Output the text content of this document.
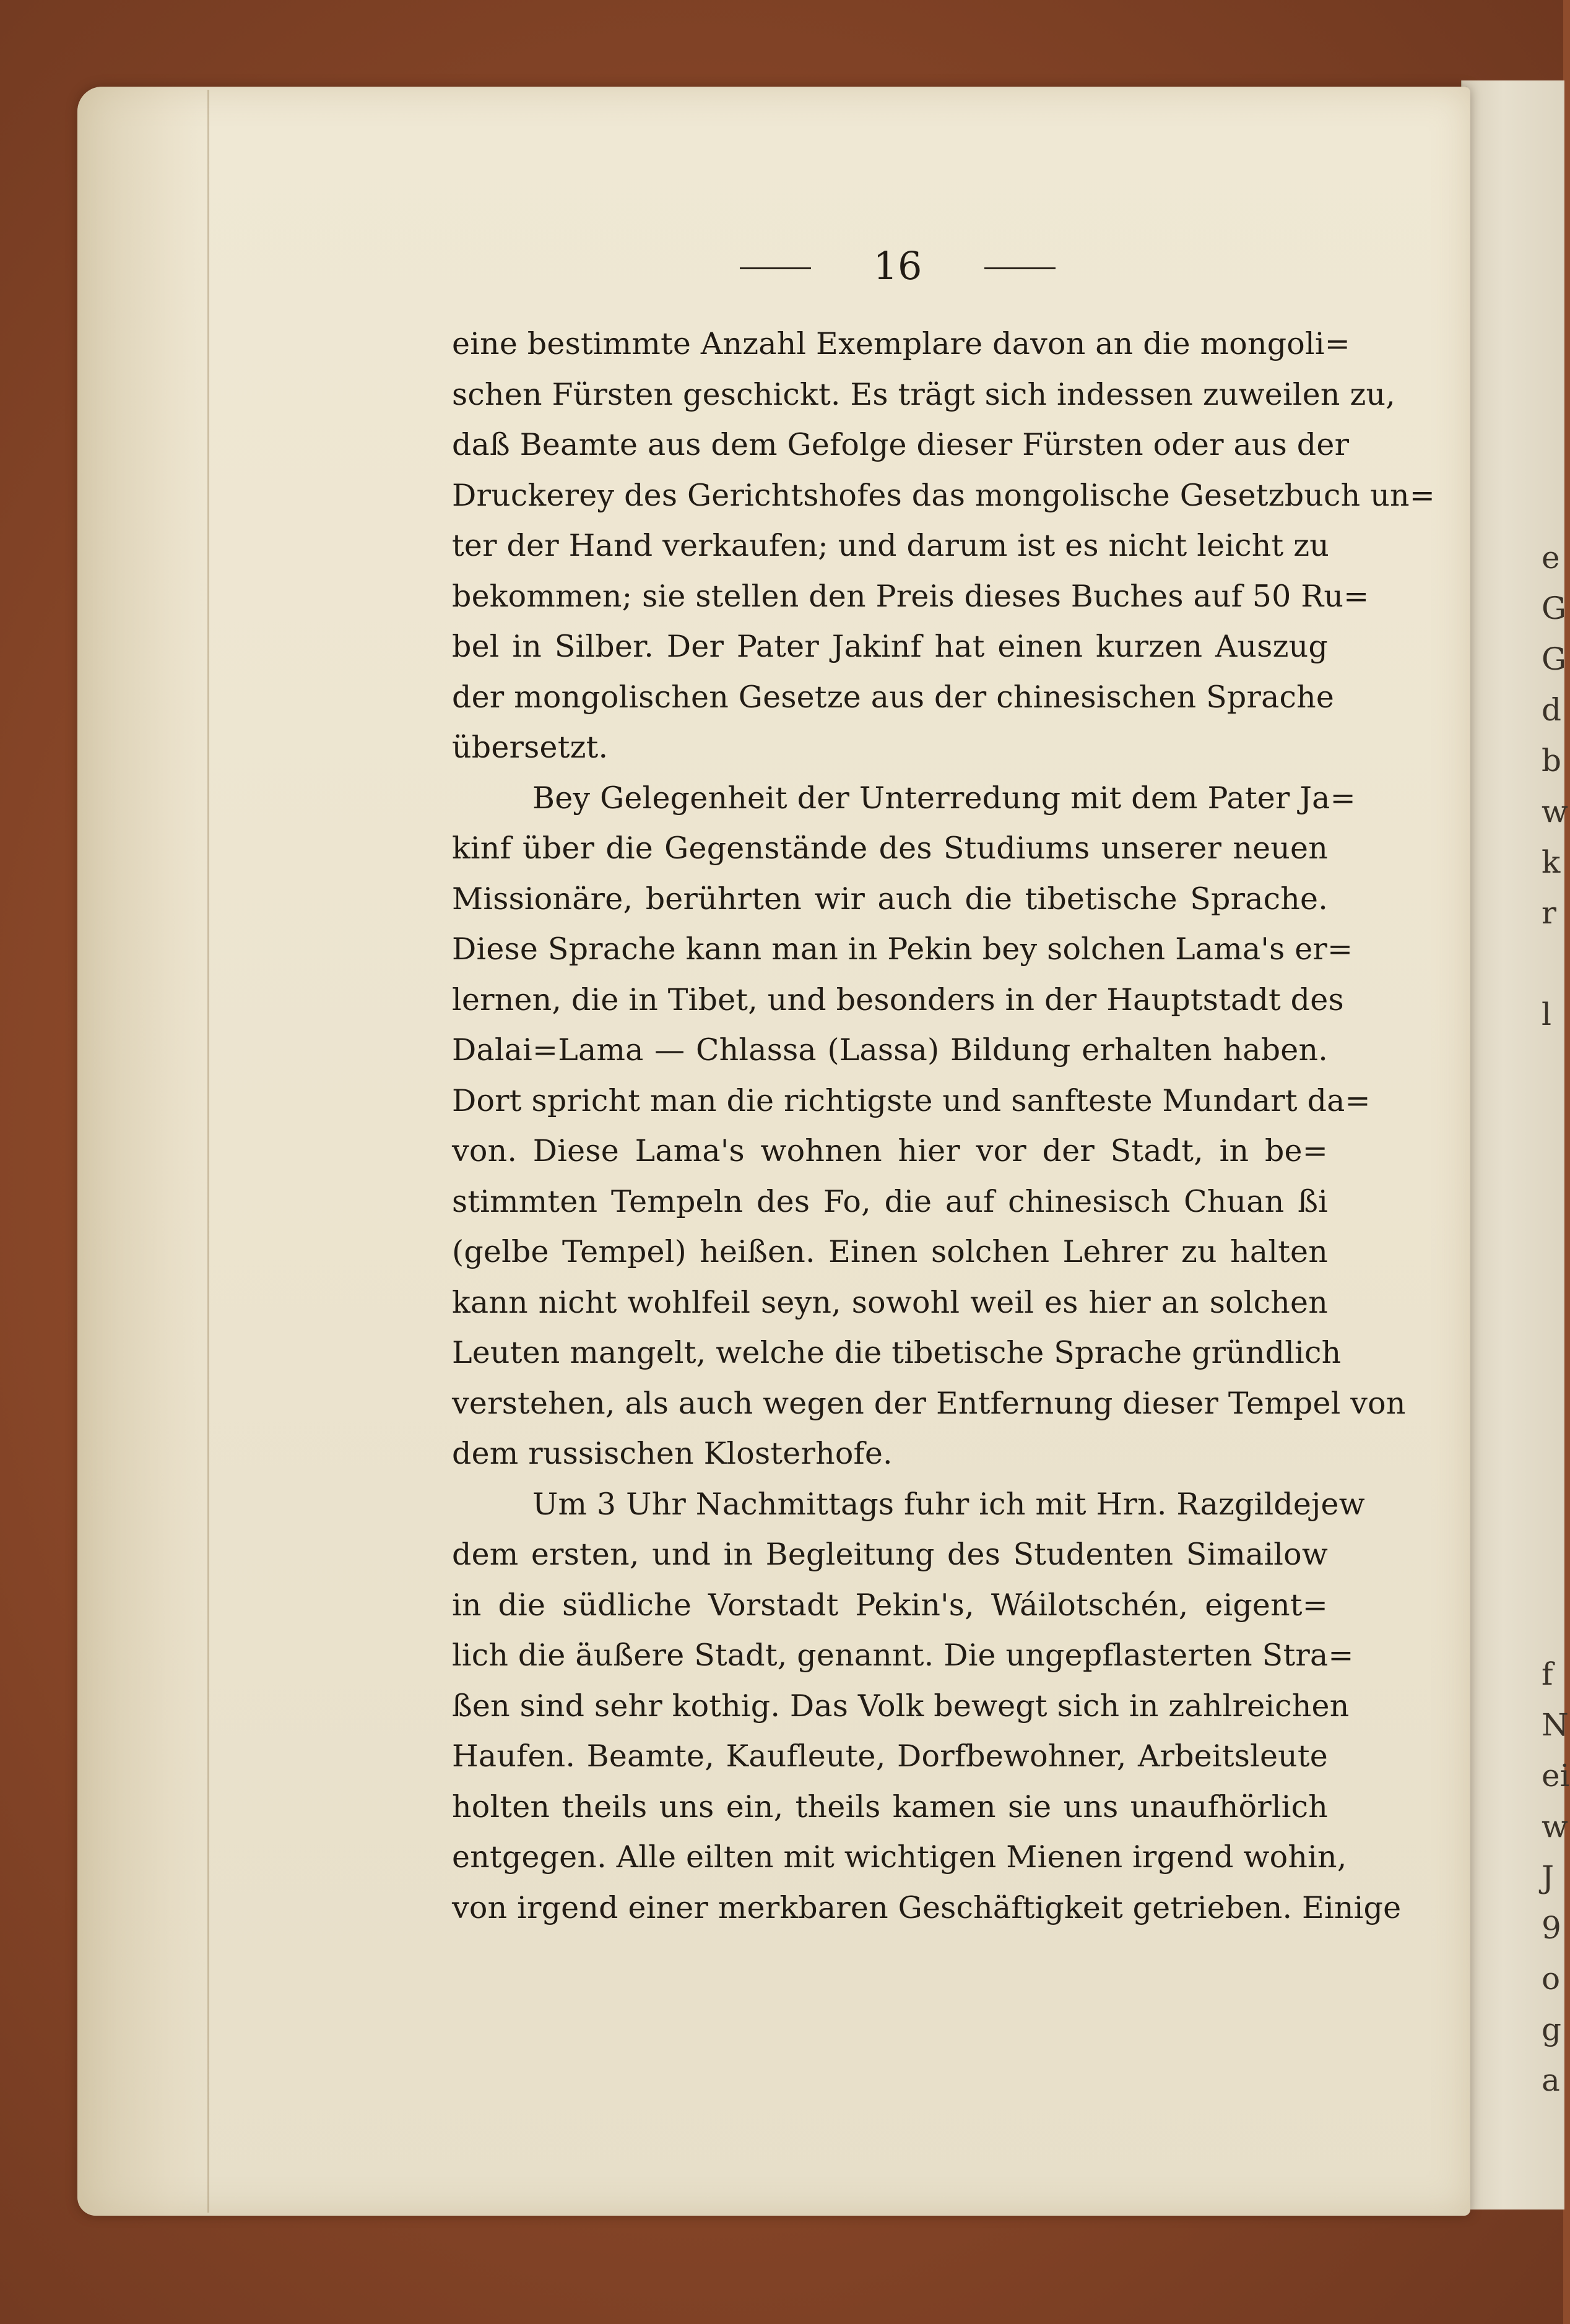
e
G
G
d
b
w
k
r
l
f
N
ei
w
J
9
o
g
a
16
eine bestimmte Anzahl Exemplare davon an die mongoli=
schen Fürsten geschickt. Es trägt sich indessen zuweilen zu,
daß Beamte aus dem Gefolge dieser Fürsten oder aus der
Druckerey des Gerichtshofes das mongolische Gesetzbuch un=
ter der Hand verkaufen; und darum ist es nicht leicht zu
bekommen; sie stellen den Preis dieses Buches auf 50 Ru=
bel in Silber. Der Pater Jakinf hat einen kurzen Auszug
der mongolischen Gesetze aus der chinesischen Sprache
übersetzt.
Bey Gelegenheit der Unterredung mit dem Pater Ja=
kinf über die Gegenstände des Studiums unserer neuen
Missionäre, berührten wir auch die tibetische Sprache.
Diese Sprache kann man in Pekin bey solchen Lama's er=
lernen, die in Tibet, und besonders in der Hauptstadt des
Dalai=Lama — Chlassa (Lassa) Bildung erhalten haben.
Dort spricht man die richtigste und sanfteste Mundart da=
von. Diese Lama's wohnen hier vor der Stadt, in be=
stimmten Tempeln des Fo, die auf chinesisch Chuan ßi
(gelbe Tempel) heißen. Einen solchen Lehrer zu halten
kann nicht wohlfeil seyn, sowohl weil es hier an solchen
Leuten mangelt, welche die tibetische Sprache gründlich
verstehen, als auch wegen der Entfernung dieser Tempel von
dem russischen Klosterhofe.
Um 3 Uhr Nachmittags fuhr ich mit Hrn. Razgildejew
dem ersten, und in Begleitung des Studenten Simailow
in die südliche Vorstadt Pekin's, Wáilotschén, eigent=
lich die äußere Stadt, genannt. Die ungepflasterten Stra=
ßen sind sehr kothig. Das Volk bewegt sich in zahlreichen
Haufen. Beamte, Kaufleute, Dorfbewohner, Arbeitsleute
holten theils uns ein, theils kamen sie uns unaufhörlich
entgegen. Alle eilten mit wichtigen Mienen irgend wohin,
von irgend einer merkbaren Geschäftigkeit getrieben. Einige
